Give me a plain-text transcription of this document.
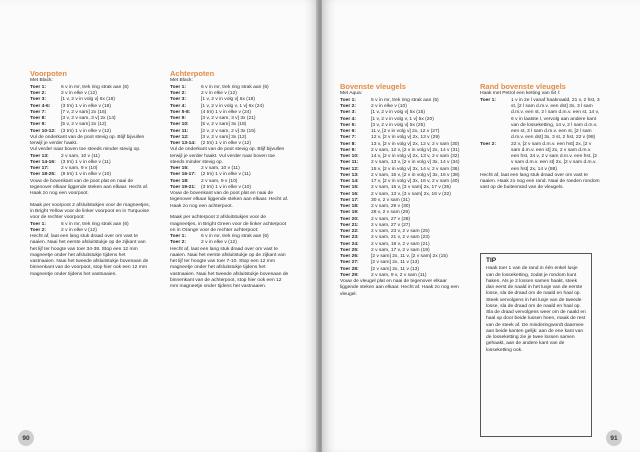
Voorpoten

Met Black:

Toer 1:	6 v in mr, trek ring strak aan (6)
Toer 2:	2 v in elke v (12)
Toer 3:	[1 v, 2 v in volg v] 6x (18)
Toer 4-6:	(3 tm) 1 v in elke v (18)
Toer 7:	[7 v, 2 v sam] 2x (16)
Toer 8:	[3 v, 2 v sam, 3 v] 2x (14)
Toer 9:	[5 v, 2 v sam] 2x (12)
Toer 10-12:	(3 tm) 1 v in elke v (12)

Vul de onderkant van de poot stevig op. Blijf bijvullen terwijl je verder haakt.

Vul verder naar boven toe steeds minder stevig op.

Toer 13:	2 v sam, 10 v (11)
Toer 14-16:	(3 tm) 1 v in elke v (11)
Toer 17:	2 v sam, 9 v (10)
Toer 18-25:	(8 tm) 1 v in elke v (10)

Vouw de bovenkant van de poot plat en naai de tegenover elkaar liggende steken aan elkaar. Hecht af. Haak zo nog een voorpoot.

Maak per voorpoot 2 afsluitstukjes voor de magneetjes, in Bright Yellow voor de linker voorpoot en in Turquoise voor de rechter voorpoot:

Toer 1:	6 v in mr, trek ring strak aan (6)
Toer 2:	2 v in elke v (12)

Hecht af, laat een lang stuk draad over om vast te naaien. Naai het eerste afsluitstukje op de zijkant van het lijf ter hoogte van toer 34-38. Stop een 12 mm magneetje onder het afsluitstukje tijdens het vastnaaien. Naai het tweede afsluitstukje bovenaan de binnenkant van de voorpoot, stop hier ook een 12 mm magneetje onder tijdens het vastnaaien.

Achterpoten

Met Black:

Toer 1:	6 v in mr, trek ring strak aan (6)
Toer 2:	2 v in elke v (12)
Toer 3:	[1 v, 2 v in volg v] 6x (18)
Toer 4:	[1 v, 2 v in volg v, 1 v] 6x (24)
Toer 5-8:	(4 tm) 1 v in elke v (24)
Toer 9:	[3 v, 2 v sam, 3 v] 3x (21)
Toer 10:	[5 v, 2 v sam] 3x (18)
Toer 11:	[2 v, 2 v sam, 2 v] 3x (15)
Toer 12:	[3 v, 2 v sam] 3x (12)
Toer 13-14:	(2 tm) 1 v in elke v (12)

Vul de onderkant van de poot stevig op. Blijf bijvullen terwijl je verder haakt. Vul verder naar boven toe steeds minder stevig op.

Toer 15:	2 v sam, 10 v (11)
Toer 16-17:	(2 tm) 1 v in elke v (11)
Toer 18:	2 v sam, 9 v (10)
Toer 19-21:	(3 tm) 1 v in elke v (10)

Vouw de bovenkant van de poot plat en naai de tegenover elkaar liggende steken aan elkaar. Hecht af. Haak zo nog een achterpoot.

Maak per achterpoot 2 afsluitstukjes voor de magneetjes, in Bright Green voor de linker achterpoot en in Orange voor de rechter achterpoot:

Toer 1:	6 v in mr, trek ring strak aan (6)
Toer 2:	2 v in elke v (12)

Hecht af, laat een lang stuk draad over om vast te naaien. Naai het eerste afsluitstukje op de zijkant van het lijf ter hoogte van toer 7-10. Stop een 12 mm magneetje onder het afsluitstukje tijdens het vastnaaien. Naai het tweede afsluitstukje bovenaan de binnenkant van de achterpoot, stop hier ook een 12 mm magneetje onder tijdens het vastnaaien.

90

Bovenste vleugels

Met Aqua:

Toer 1:	5 v in mr, trek ring strak aan (5)
Toer 2:	2 v in elke v (10)
Toer 3:	[1 v, 2 v in volg v] 5x (15)
Toer 4:	[1 v, 2 v in volg v, 1 v] 5x (20)
Toer 5:	[3 v, 2 v in volg v] 5x (25)
Toer 6:	11 v, [2 v in volg v] 2x, 12 v (27)
Toer 7:	12 v, [2 v in volg v] 2x, 13 v (29)
Toer 8:	13 v, [2 v in volg v] 2x, 12 v, 2 v sam (30)
Toer 9:	2 v sam, 12 v, [2 v in volg v] 2x, 14 v (31)
Toer 10:	14 v, [2 v in volg v] 2x, 13 v, 2 v sam (32)
Toer 11:	2 v sam, 13 v, [2 v in volg v] 3x, 14 v (34)
Toer 12:	15 v, [2 v in volg v] 3x, 14 v, 2 v sam (36)
Toer 13:	2 v sam, 15 v, [2 v in volg v] 3x, 16 v (38)
Toer 14:	17 v, [2 v in volg v] 3x, 16 v, 2 v sam (40)
Toer 15:	2 v sam, 15 v, [3 v sam] 2x, 17 v (35)
Toer 16:	2 v sam, 13 v, [3 v sam] 2x, 16 v (32)
Toer 17:	30 v, 2 v sam (31)
Toer 18:	2 v sam, 29 v (30)
Toer 19:	28 v, 2 v sam (29)
Toer 20:	2 v sam, 27 v (28)
Toer 21:	2 v sam, 27 v (27)
Toer 22:	2 v sam, 23 v, 2 v sam (25)
Toer 23:	2 v sam, 21 v, 2 v sam (23)
Toer 24:	2 v sam, 19 v, 2 v sam (21)
Toer 25:	2 v sam, 17 v, 2 v sam (19)
Toer 26:	[2 v sam] 2x, 11 v, [2 v sam] 2x (15)
Toer 27:	[2 v sam] 2x, 11 v (13)
Toer 28:	[2 v sam] 2x, 11 v (13)
Toer 29:	2 v sam, 9 v, 2 v sam (11)

Vouw de vleugel plat en naai de tegenover elkaar liggende steken aan elkaar. Hecht af. Haak zo nog een vleugel.

Rand bovenste vleugels

Haak met Petrol een ketting van 54 l:

Toer 1:	1 v in 2e l vanaf haaknaald, 21 v, 2 hst, 3 st, [2 l sam d.m.v. een dst] 3x, 3 l sam d.m.v. een st, 2 l sam d.m.v. een st, 14 v, 6 v in laatste l, vervolg aan andere kant van de losseketting, 14 v, 2 l sam d.m.v. een st, 3 l sam d.m.v. een st, [2 l sam d.m.v. een dst] 3x, 3 st, 2 hst, 22 v (98)
Toer 2:	22 v, [2 v sam d.m.v. een hst] 2x, [2 v sam d.m.v. een st] 2x, 2 v sam d.m.v. een hst, 34 v, 2 v sam d.m.v. een hst, [2 v sam d.m.v. een st] 2x, [2 v sam d.m.v. een hst] 2x, 14 v (88)

Hecht af, laat een lang stuk draad over om vast te naaien. Haak zo nog een rand. Naai de randen rondom vast op de buitenrand van de vleugels.

91

TIP

Haak toer 1 van de rand in één enkel lusje van de losseketting, zodat je rondom kunt haken. Als je 2 lossen samen haakt, steek dan eerst de naald in het lusje van de eerste losse, sla de draad om de naald en haal op. Steek vervolgens in het lusje van de tweede losse, sla de draad om de naald en haal op. Sla de draad vervolgens weer om de naald en haal op door beide lussen heen, maak de rest van de steek af. De minderingwordt daarmee aan beide kanten gelijk: aan de ene kant van de losseketting zie je twee lossen samen gehaakt, aan de andere kant van de losseketting ook.
